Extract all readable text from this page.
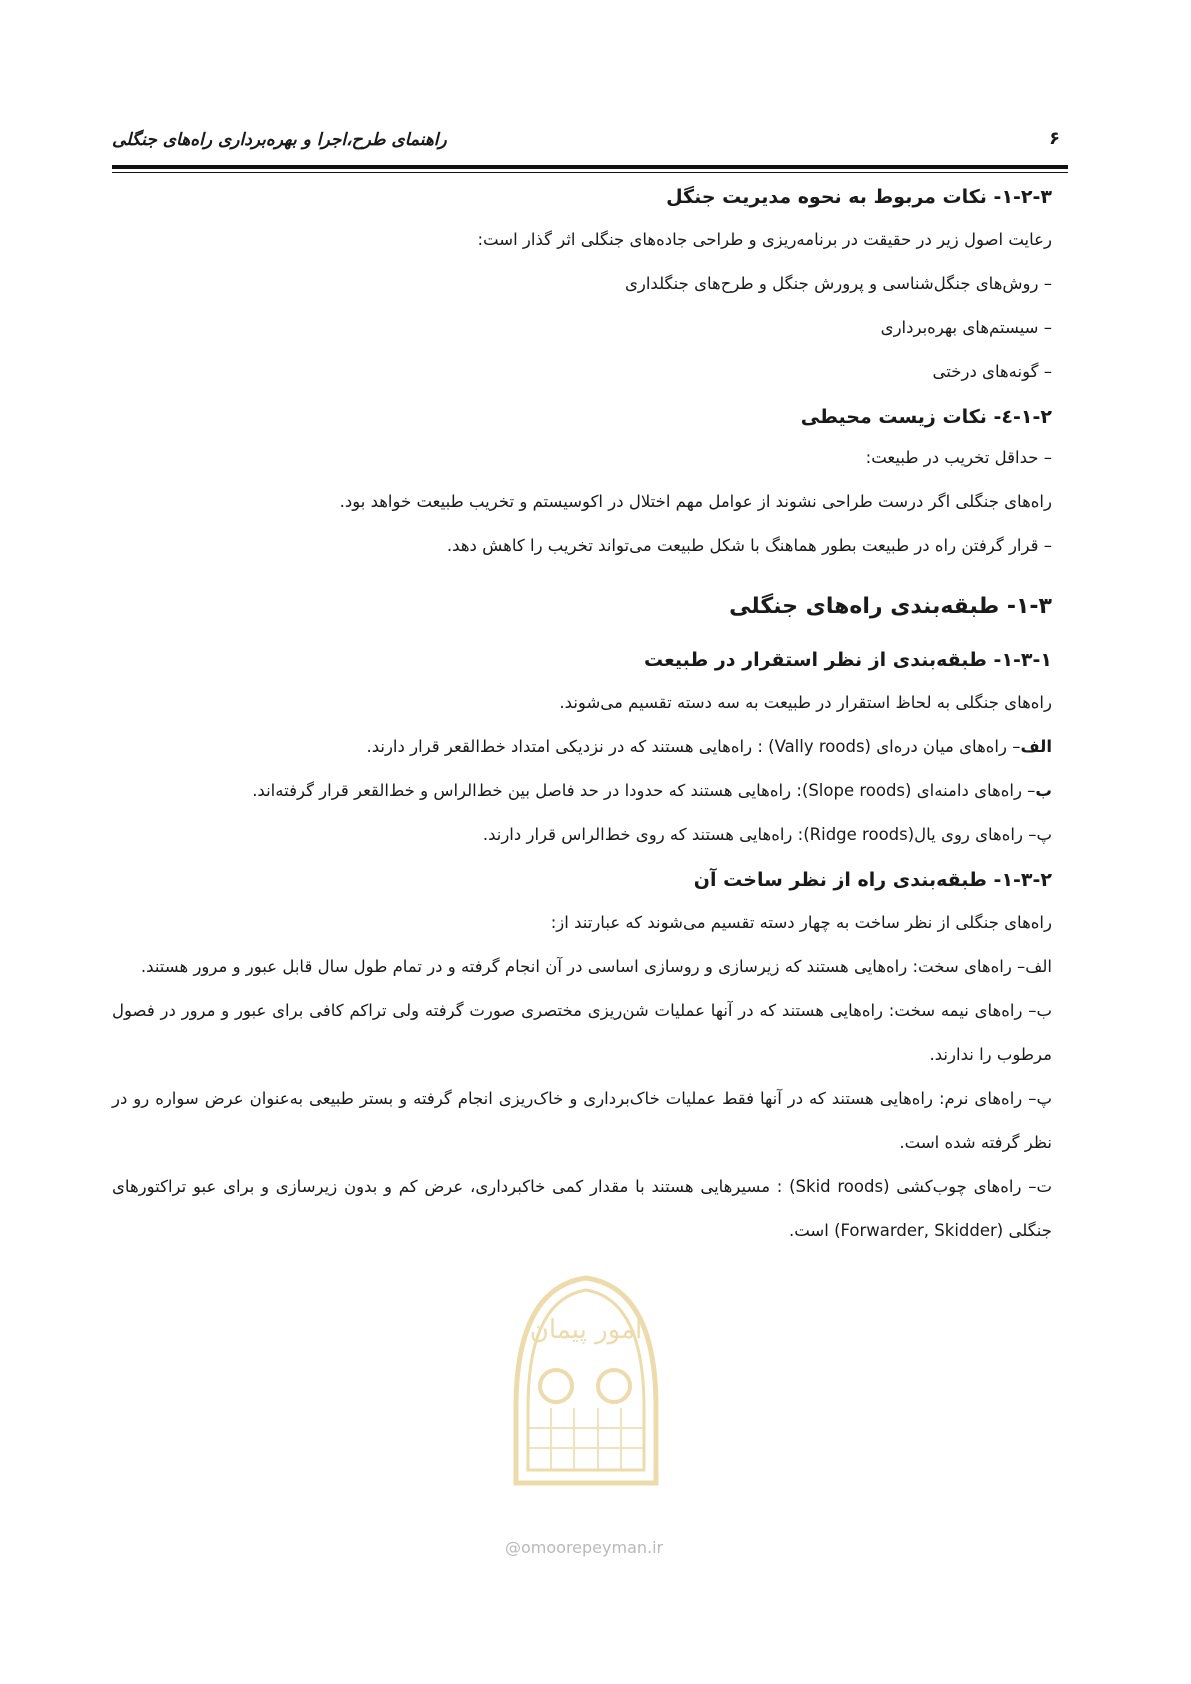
راهنمای طرح،اجرا و بهره‌برداری راه‌های جنگلی	۶
۱-۲-۳- نکات مربوط به نحوه مدیریت جنگل

رعایت اصول زیر در حقیقت در برنامه‌ریزی و طراحی جاده‌های جنگلی اثر گذار است:

– روش‌های جنگل‌شناسی و پرورش جنگل و طرح‌های جنگلداری

– سیستم‌های بهره‌برداری

– گونه‌های درختی

۱-۲-٤- نکات زیست محیطی

– حداقل تخریب در طبیعت:

راه‌های جنگلی اگر درست طراحی نشوند از عوامل مهم اختلال در اکوسیستم و تخریب طبیعت خواهد بود.

– قرار گرفتن راه در طبیعت بطور هماهنگ با شکل طبیعت می‌تواند تخریب را کاهش دهد.

۱-۳- طبقه‌بندی راه‌های جنگلی
۱-۳-۱- طبقه‌بندی از نظر استقرار در طبیعت

راه‌های جنگلی به لحاظ استقرار در طبیعت به سه دسته تقسیم می‌شوند.

الف– راه‌های میان دره‌ای (Vally roods) : راه‌هایی هستند که در نزدیکی امتداد خط‌القعر قرار دارند.

ب– راه‌های دامنه‌ای (Slope roods): راه‌هایی هستند که حدودا در حد فاصل بین خط‌الراس و خط‌القعر قرار گرفته‌اند.

پ– راه‌های روی یال(Ridge roods): راه‌هایی هستند که روی خط‌الراس قرار دارند.

۱-۳-۲- طبقه‌بندی راه از نظر ساخت آن

راه‌های جنگلی از نظر ساخت به چهار دسته تقسیم می‌شوند که عبارتند از:

الف– راه‌های سخت: راه‌هایی هستند که زیرسازی و روسازی اساسی در آن انجام گرفته و در تمام طول سال قابل عبور و مرور هستند.

ب– راه‌های نیمه سخت: راه‌هایی هستند که در آنها عملیات شن‌ریزی مختصری صورت گرفته ولی تراکم کافی برای عبور و مرور در فصول مرطوب را ندارند.

پ– راه‌های نرم: راه‌هایی هستند که در آنها فقط عملیات خاک‌برداری و خاک‌ریزی انجام گرفته و بستر طبیعی به‌عنوان عرض سواره رو در نظر گرفته شده است.

ت– راه‌های چوب‌کشی (Skid roods) : مسیرهایی هستند با مقدار کمی خاکبرداری، عرض کم و بدون زیرسازی و برای عبو تراکتورهای جنگلی (Forwarder, Skidder) است.

امور پیمان
@omoorepeyman.ir
